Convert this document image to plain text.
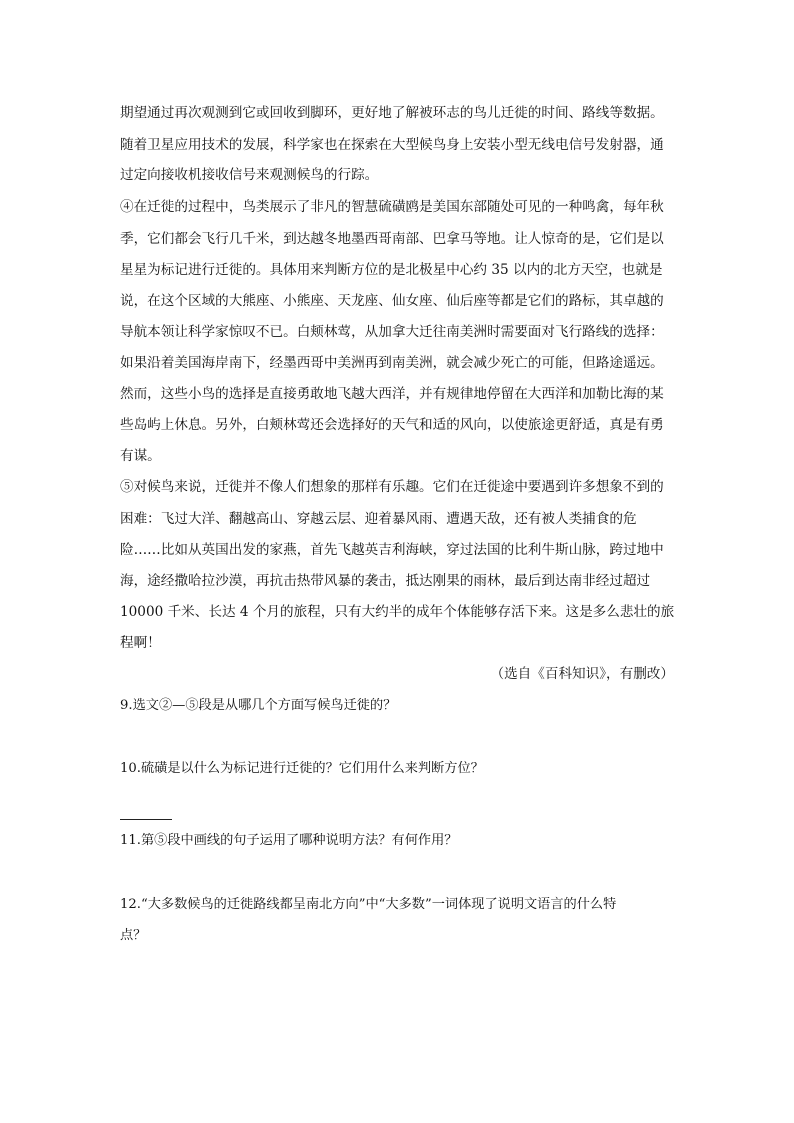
期望通过再次观测到它或回收到脚环，更好地了解被环志的鸟儿迁徙的时间、路线等数据。
随着卫星应用技术的发展，科学家也在探索在大型候鸟身上安装小型无线电信号发射器，通
过定向接收机接收信号来观测候鸟的行踪。
④在迁徙的过程中，鸟类展示了非凡的智慧硫磺鸥是美国东部随处可见的一种鸣禽，每年秋
季，它们都会飞行几千米，到达越冬地墨西哥南部、巴拿马等地。让人惊奇的是，它们是以
星星为标记进行迁徙的。具体用来判断方位的是北极星中心约 35 以内的北方天空，也就是
说，在这个区域的大熊座、小熊座、天龙座、仙女座、仙后座等都是它们的路标，其卓越的
导航本领让科学家惊叹不已。白颊林莺，从加拿大迁往南美洲时需要面对飞行路线的选择：
如果沿着美国海岸南下，经墨西哥中美洲再到南美洲，就会减少死亡的可能，但路途遥远。
然而，这些小鸟的选择是直接勇敢地飞越大西洋，并有规律地停留在大西洋和加勒比海的某
些岛屿上休息。另外，白颊林莺还会选择好的天气和适的风向，以使旅途更舒适，真是有勇
有谋。
⑤对候鸟来说，迁徙并不像人们想象的那样有乐趣。它们在迁徙途中要遇到许多想象不到的
困难：飞过大洋、翻越高山、穿越云层、迎着暴风雨、遭遇天敌，还有被人类捕食的危
险……比如从英国出发的家燕，首先飞越英吉利海峡，穿过法国的比利牛斯山脉，跨过地中
海，途经撒哈拉沙漠，再抗击热带风暴的袭击，抵达刚果的雨林，最后到达南非经过超过
10000 千米、长达 4 个月的旅程，只有大约半的成年个体能够存活下来。这是多么悲壮的旅
程啊！
（选自《百科知识》，有删改）
9.选文②—⑤段是从哪几个方面写候鸟迁徙的？
10.硫磺是以什么为标记进行迁徙的？它们用什么来判断方位？
11.第⑤段中画线的句子运用了哪种说明方法？有何作用？
12.“大多数候鸟的迁徙路线都呈南北方向”中“大多数”一词体现了说明文语言的什么特
点？
